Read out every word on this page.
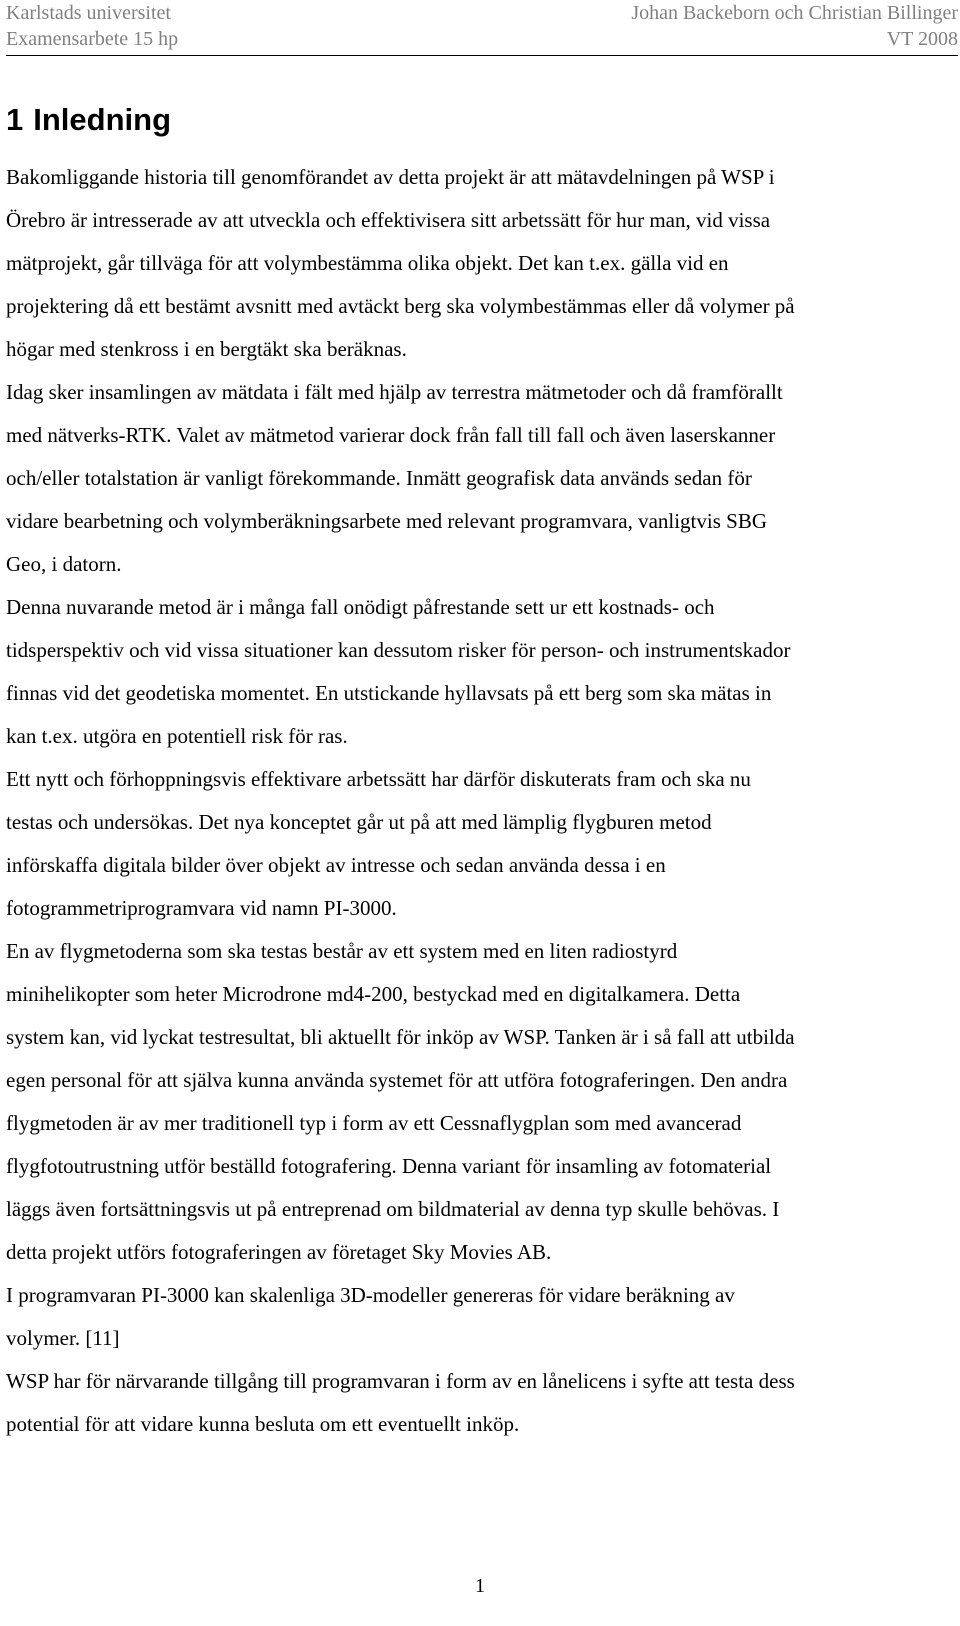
Karlstads universitet
Examensarbete 15 hp
Johan Backeborn och Christian Billinger
VT 2008
1 Inledning

Bakomliggande historia till genomförandet av detta projekt är att mätavdelningen på WSP i
Örebro är intresserade av att utveckla och effektivisera sitt arbetssätt för hur man, vid vissa
mätprojekt, går tillväga för att volymbestämma olika objekt. Det kan t.ex. gälla vid en
projektering då ett bestämt avsnitt med avtäckt berg ska volymbestämmas eller då volymer på
högar med stenkross i en bergtäkt ska beräknas.

Idag sker insamlingen av mätdata i fält med hjälp av terrestra mätmetoder och då framförallt
med nätverks-RTK. Valet av mätmetod varierar dock från fall till fall och även laserskanner
och/eller totalstation är vanligt förekommande. Inmätt geografisk data används sedan för
vidare bearbetning och volymberäkningsarbete med relevant programvara, vanligtvis SBG
Geo, i datorn.

Denna nuvarande metod är i många fall onödigt påfrestande sett ur ett kostnads- och
tidsperspektiv och vid vissa situationer kan dessutom risker för person- och instrumentskador
finnas vid det geodetiska momentet. En utstickande hyllavsats på ett berg som ska mätas in
kan t.ex. utgöra en potentiell risk för ras.

Ett nytt och förhoppningsvis effektivare arbetssätt har därför diskuterats fram och ska nu
testas och undersökas. Det nya konceptet går ut på att med lämplig flygburen metod
införskaffa digitala bilder över objekt av intresse och sedan använda dessa i en
fotogrammetriprogramvara vid namn PI-3000.

En av flygmetoderna som ska testas består av ett system med en liten radiostyrd
minihelikopter som heter Microdrone md4-200, bestyckad med en digitalkamera. Detta
system kan, vid lyckat testresultat, bli aktuellt för inköp av WSP. Tanken är i så fall att utbilda
egen personal för att själva kunna använda systemet för att utföra fotograferingen. Den andra
flygmetoden är av mer traditionell typ i form av ett Cessnaflygplan som med avancerad
flygfotoutrustning utför beställd fotografering. Denna variant för insamling av fotomaterial
läggs även fortsättningsvis ut på entreprenad om bildmaterial av denna typ skulle behövas. I
detta projekt utförs fotograferingen av företaget Sky Movies AB.

I programvaran PI-3000 kan skalenliga 3D-modeller genereras för vidare beräkning av
volymer. [11]

WSP har för närvarande tillgång till programvaran i form av en lånelicens i syfte att testa dess
potential för att vidare kunna besluta om ett eventuellt inköp.

1
